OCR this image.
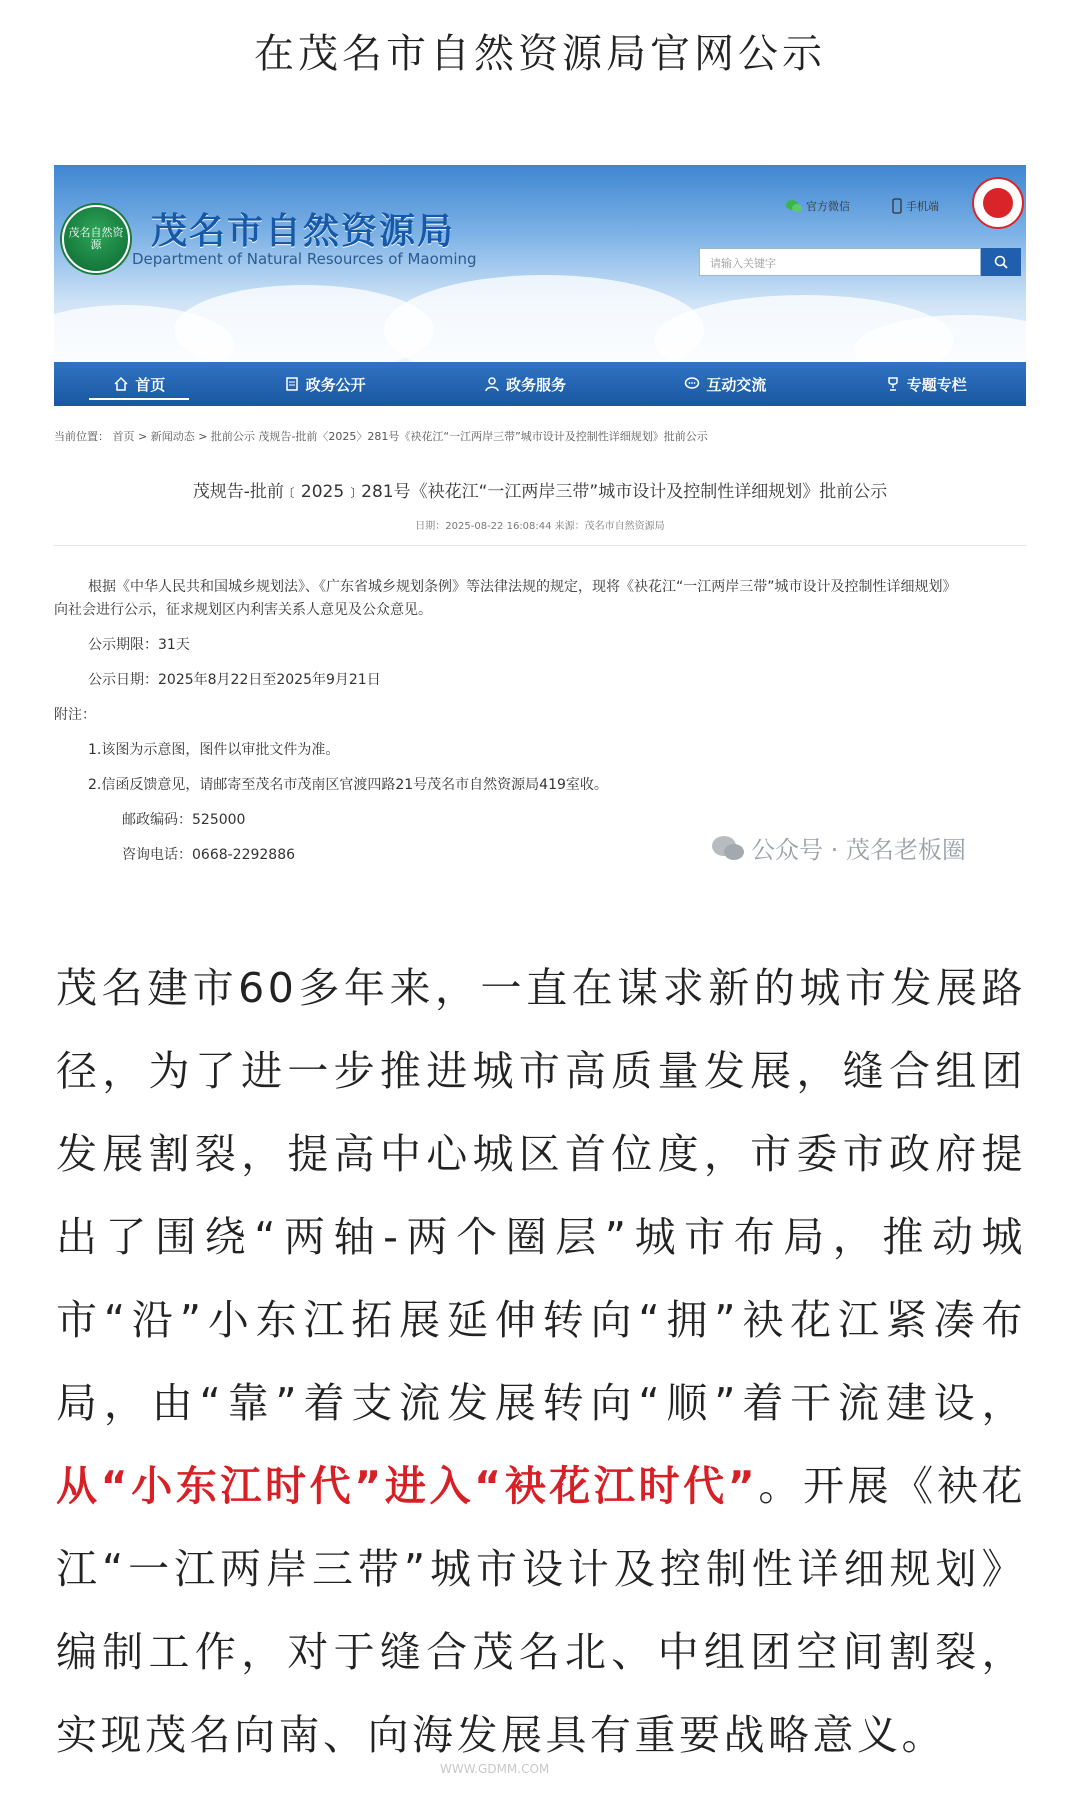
在茂名市自然资源局官网公示
茂名自然资源	茂名市自然资源局
Department of Natural Resources of Maoming
官方微信	手机端
请输入关键字
首页	政务公开	政务服务	互动交流	专题专栏
当前位置： 首页 > 新闻动态 > 批前公示 茂规告-批前〈2025〉281号《袂花江“一江两岸三带”城市设计及控制性详细规划》批前公示
茂规告-批前﹝2025﹞281号《袂花江“一江两岸三带”城市设计及控制性详细规划》批前公示
日期：2025-08-22 16:08:44 来源：茂名市自然资源局
根据《中华人民共和国城乡规划法》、《广东省城乡规划条例》等法律法规的规定，现将《袂花江“一江两岸三带”城市设计及控制性详细规划》
向社会进行公示，征求规划区内利害关系人意见及公众意见。
公示期限：31天
公示日期：2025年8月22日至2025年9月21日
附注：
1.该图为示意图，图件以审批文件为准。
2.信函反馈意见，请邮寄至茂名市茂南区官渡四路21号茂名市自然资源局419室收。
邮政编码：525000
咨询电话：0668-2292886	公众号 · 茂名老板圈
茂名建市60多年来，一直在谋求新的城市发展路径，为了进一步推进城市高质量发展，缝合组团发展割裂，提高中心城区首位度，市委市政府提出了围绕“两轴-两个圈层”城市布局，推动城市“沿”小东江拓展延伸转向“拥”袂花江紧凑布局，由“靠”着支流发展转向“顺”着干流建设，从“小东江时代”进入“袂花江时代”。开展《袂花江“一江两岸三带”城市设计及控制性详细规划》编制工作，对于缝合茂名北、中组团空间割裂，实现茂名向南、向海发展具有重要战略意义。
WWW.GDMM.COM
